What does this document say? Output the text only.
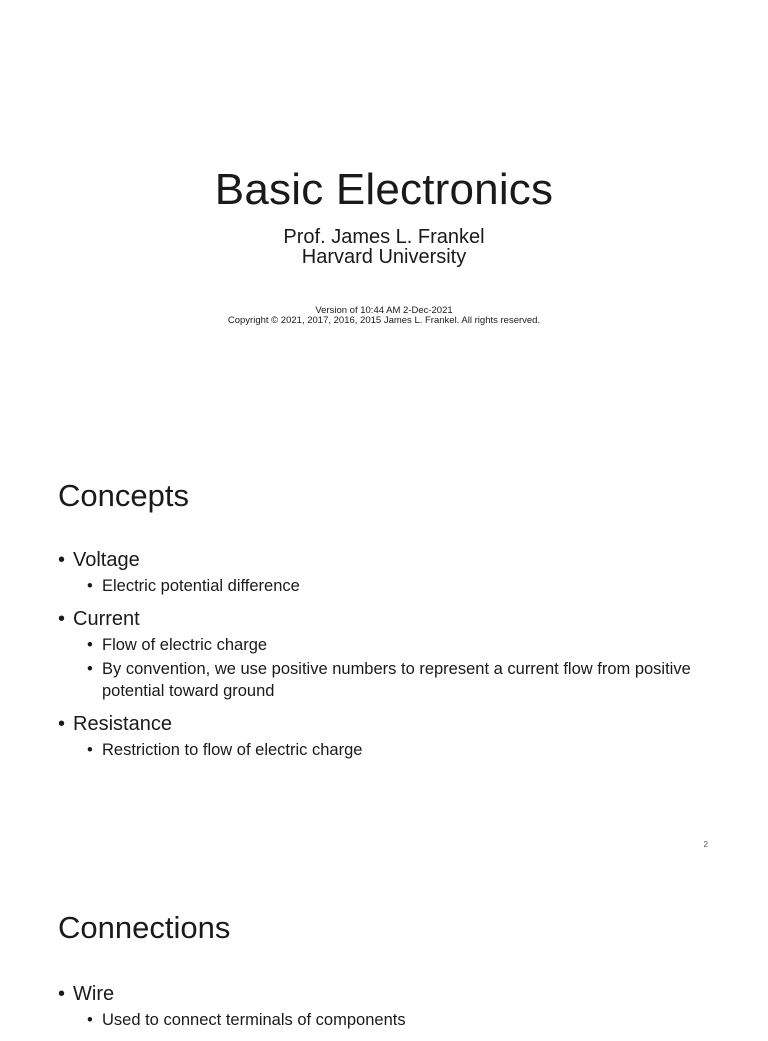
Basic Electronics

Prof. James L. Frankel

Harvard University

Version of 10:44 AM 2-Dec-2021

Copyright © 2021, 2017, 2016, 2015 James L. Frankel. All rights reserved.

Concepts
• Voltage
• Electric potential difference
• Current
• Flow of electric charge
• By convention, we use positive numbers to represent a current flow from positive potential toward ground
• Resistance
• Restriction to flow of electric charge
2
Connections
• Wire
• Used to connect terminals of components
